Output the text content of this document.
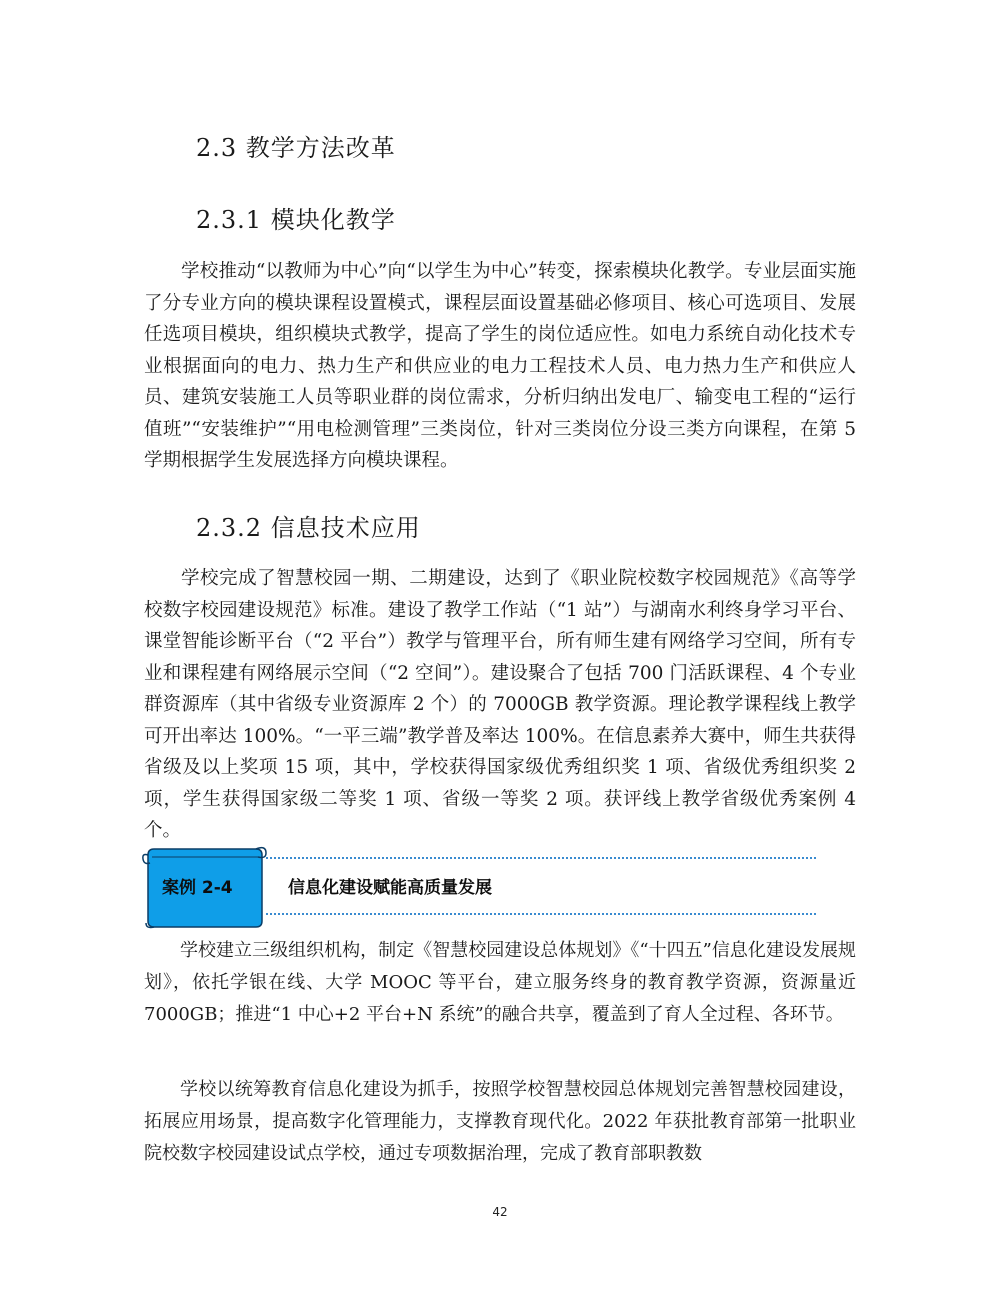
2.3 教学方法改革
2.3.1 模块化教学

学校推动“以教师为中心”向“以学生为中心”转变，探索模块化教学。专业层面实施了分专业方向的模块课程设置模式，课程层面设置基础必修项目、核心可选项目、发展任选项目模块，组织模块式教学，提高了学生的岗位适应性。如电力系统自动化技术专业根据面向的电力、热力生产和供应业的电力工程技术人员、电力热力生产和供应人员、建筑安装施工人员等职业群的岗位需求，分析归纳出发电厂、输变电工程的“运行值班”“安装维护”“用电检测管理”三类岗位，针对三类岗位分设三类方向课程，在第 5 学期根据学生发展选择方向模块课程。

2.3.2 信息技术应用

学校完成了智慧校园一期、二期建设，达到了《职业院校数字校园规范》《高等学校数字校园建设规范》标准。建设了教学工作站（“1 站”）与湖南水利终身学习平台、课堂智能诊断平台（“2 平台”）教学与管理平台，所有师生建有网络学习空间，所有专业和课程建有网络展示空间（“2 空间”）。建设聚合了包括 700 门活跃课程、4 个专业群资源库（其中省级专业资源库 2 个）的 7000GB 教学资源。理论教学课程线上教学可开出率达 100%。“一平三端”教学普及率达 100%。在信息素养大赛中，师生共获得省级及以上奖项 15 项，其中，学校获得国家级优秀组织奖 1 项、省级优秀组织奖 2 项，学生获得国家级二等奖 1 项、省级一等奖 2 项。获评线上教学省级优秀案例 4 个。

案例 2-4	信息化建设赋能高质量发展

学校建立三级组织机构，制定《智慧校园建设总体规划》《“十四五”信息化建设发展规划》，依托学银在线、大学 MOOC 等平台，建立服务终身的教育教学资源，资源量近 7000GB；推进“1 中心+2 平台+N 系统”的融合共享，覆盖到了育人全过程、各环节。

学校以统筹教育信息化建设为抓手，按照学校智慧校园总体规划完善智慧校园建设，拓展应用场景，提高数字化管理能力，支撑教育现代化。2022 年获批教育部第一批职业院校数字校园建设试点学校，通过专项数据治理，完成了教育部职教数

42
